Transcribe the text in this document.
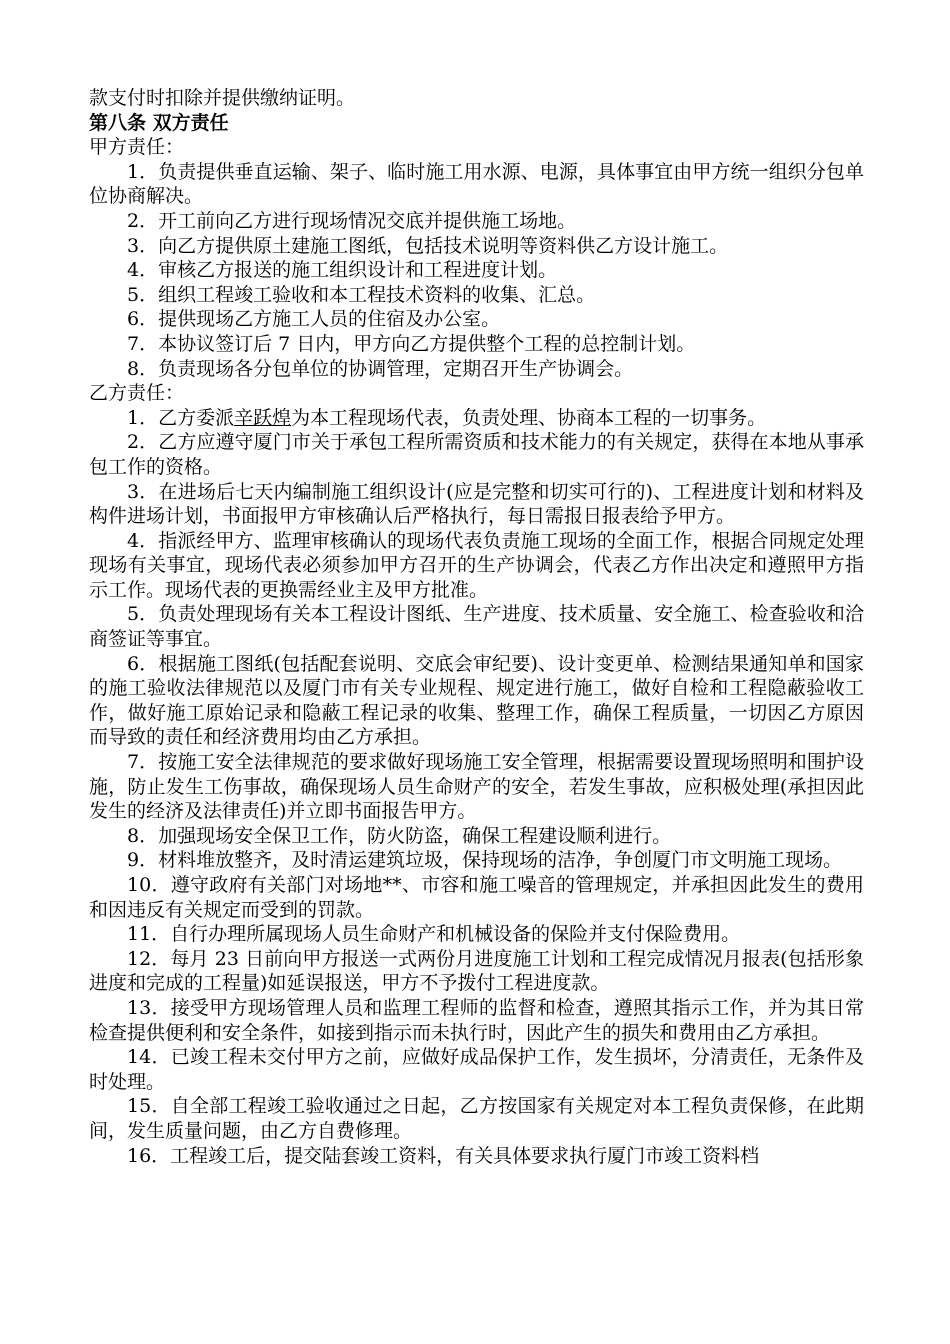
款支付时扣除并提供缴纳证明。

第八条 双方责任

甲方责任：

1．负责提供垂直运输、架子、临时施工用水源、电源，具体事宜由甲方统一组织分包单位协商解决。

2．开工前向乙方进行现场情况交底并提供施工场地。

3．向乙方提供原土建施工图纸，包括技术说明等资料供乙方设计施工。

4．审核乙方报送的施工组织设计和工程进度计划。

5．组织工程竣工验收和本工程技术资料的收集、汇总。

6．提供现场乙方施工人员的住宿及办公室。

7．本协议签订后 7 日内，甲方向乙方提供整个工程的总控制计划。

8．负责现场各分包单位的协调管理，定期召开生产协调会。

乙方责任：

1．乙方委派辛跃煌为本工程现场代表，负责处理、协商本工程的一切事务。

2．乙方应遵守厦门市关于承包工程所需资质和技术能力的有关规定，获得在本地从事承包工作的资格。

3．在进场后七天内编制施工组织设计(应是完整和切实可行的)、工程进度计划和材料及构件进场计划，书面报甲方审核确认后严格执行，每日需报日报表给予甲方。

4．指派经甲方、监理审核确认的现场代表负责施工现场的全面工作，根据合同规定处理现场有关事宜，现场代表必须参加甲方召开的生产协调会，代表乙方作出决定和遵照甲方指示工作。现场代表的更换需经业主及甲方批准。

5．负责处理现场有关本工程设计图纸、生产进度、技术质量、安全施工、检查验收和洽商签证等事宜。

6．根据施工图纸(包括配套说明、交底会审纪要)、设计变更单、检测结果通知单和国家的施工验收法律规范以及厦门市有关专业规程、规定进行施工，做好自检和工程隐蔽验收工作，做好施工原始记录和隐蔽工程记录的收集、整理工作，确保工程质量，一切因乙方原因而导致的责任和经济费用均由乙方承担。

7．按施工安全法律规范的要求做好现场施工安全管理，根据需要设置现场照明和围护设施，防止发生工伤事故，确保现场人员生命财产的安全，若发生事故，应积极处理(承担因此发生的经济及法律责任)并立即书面报告甲方。

8．加强现场安全保卫工作，防火防盗，确保工程建设顺利进行。

9．材料堆放整齐，及时清运建筑垃圾，保持现场的洁净，争创厦门市文明施工现场。

10．遵守政府有关部门对场地**、市容和施工噪音的管理规定，并承担因此发生的费用和因违反有关规定而受到的罚款。

11．自行办理所属现场人员生命财产和机械设备的保险并支付保险费用。

12．每月 23 日前向甲方报送一式两份月进度施工计划和工程完成情况月报表(包括形象进度和完成的工程量)如延误报送，甲方不予拨付工程进度款。

13．接受甲方现场管理人员和监理工程师的监督和检查，遵照其指示工作，并为其日常检查提供便利和安全条件，如接到指示而未执行时，因此产生的损失和费用由乙方承担。

14．已竣工程未交付甲方之前，应做好成品保护工作，发生损坏，分清责任，无条件及时处理。

15．自全部工程竣工验收通过之日起，乙方按国家有关规定对本工程负责保修，在此期间，发生质量问题，由乙方自费修理。

16．工程竣工后，提交陆套竣工资料，有关具体要求执行厦门市竣工资料档
